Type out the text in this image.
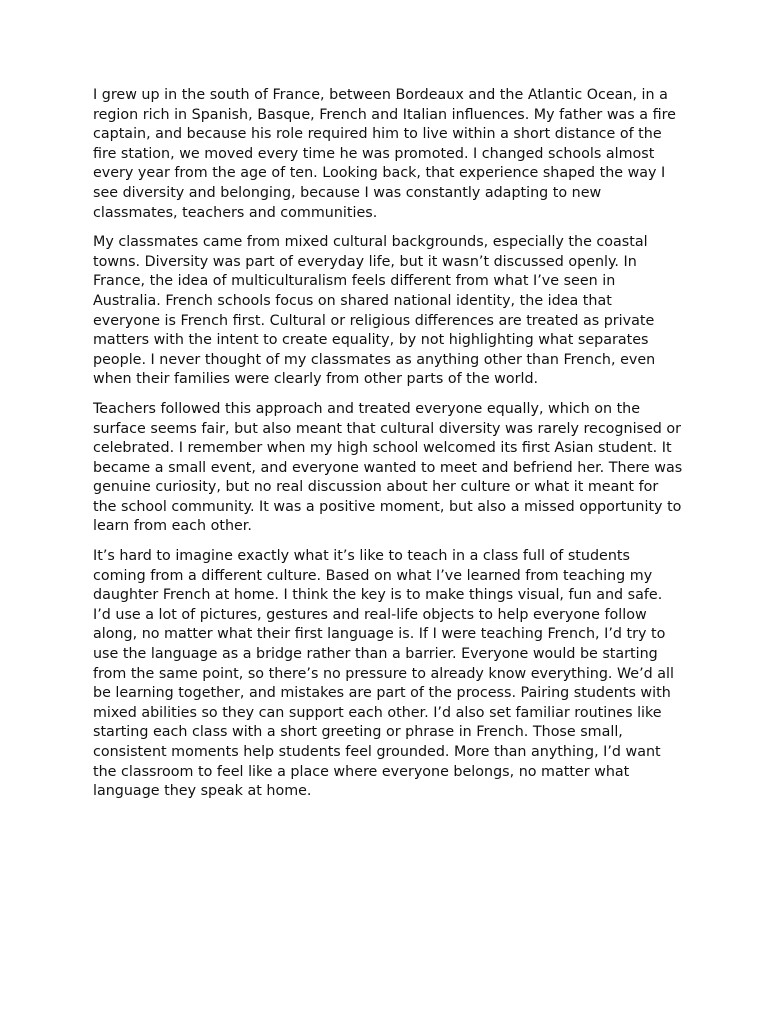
I grew up in the south of France, between Bordeaux and the Atlantic Ocean, in a region rich in Spanish, Basque, French and Italian influences. My father was a fire captain, and because his role required him to live within a short distance of the fire station, we moved every time he was promoted. I changed schools almost every year from the age of ten. Looking back, that experience shaped the way I see diversity and belonging, because I was constantly adapting to new classmates, teachers and communities.

My classmates came from mixed cultural backgrounds, especially the coastal towns. Diversity was part of everyday life, but it wasn’t discussed openly. In France, the idea of multiculturalism feels different from what I’ve seen in Australia. French schools focus on shared national identity, the idea that everyone is French first. Cultural or religious differences are treated as private matters with the intent to create equality, by not highlighting what separates people. I never thought of my classmates as anything other than French, even when their families were clearly from other parts of the world.

Teachers followed this approach and treated everyone equally, which on the surface seems fair, but also meant that cultural diversity was rarely recognised or celebrated. I remember when my high school welcomed its first Asian student. It became a small event, and everyone wanted to meet and befriend her. There was genuine curiosity, but no real discussion about her culture or what it meant for the school community. It was a positive moment, but also a missed opportunity to learn from each other.

It’s hard to imagine exactly what it’s like to teach in a class full of students coming from a different culture. Based on what I’ve learned from teaching my daughter French at home. I think the key is to make things visual, fun and safe. I’d use a lot of pictures, gestures and real-life objects to help everyone follow along, no matter what their first language is. If I were teaching French, I’d try to use the language as a bridge rather than a barrier. Everyone would be starting from the same point, so there’s no pressure to already know everything. We’d all be learning together, and mistakes are part of the process. Pairing students with mixed abilities so they can support each other. I’d also set familiar routines like starting each class with a short greeting or phrase in French. Those small, consistent moments help students feel grounded. More than anything, I’d want the classroom to feel like a place where everyone belongs, no matter what language they speak at home.
